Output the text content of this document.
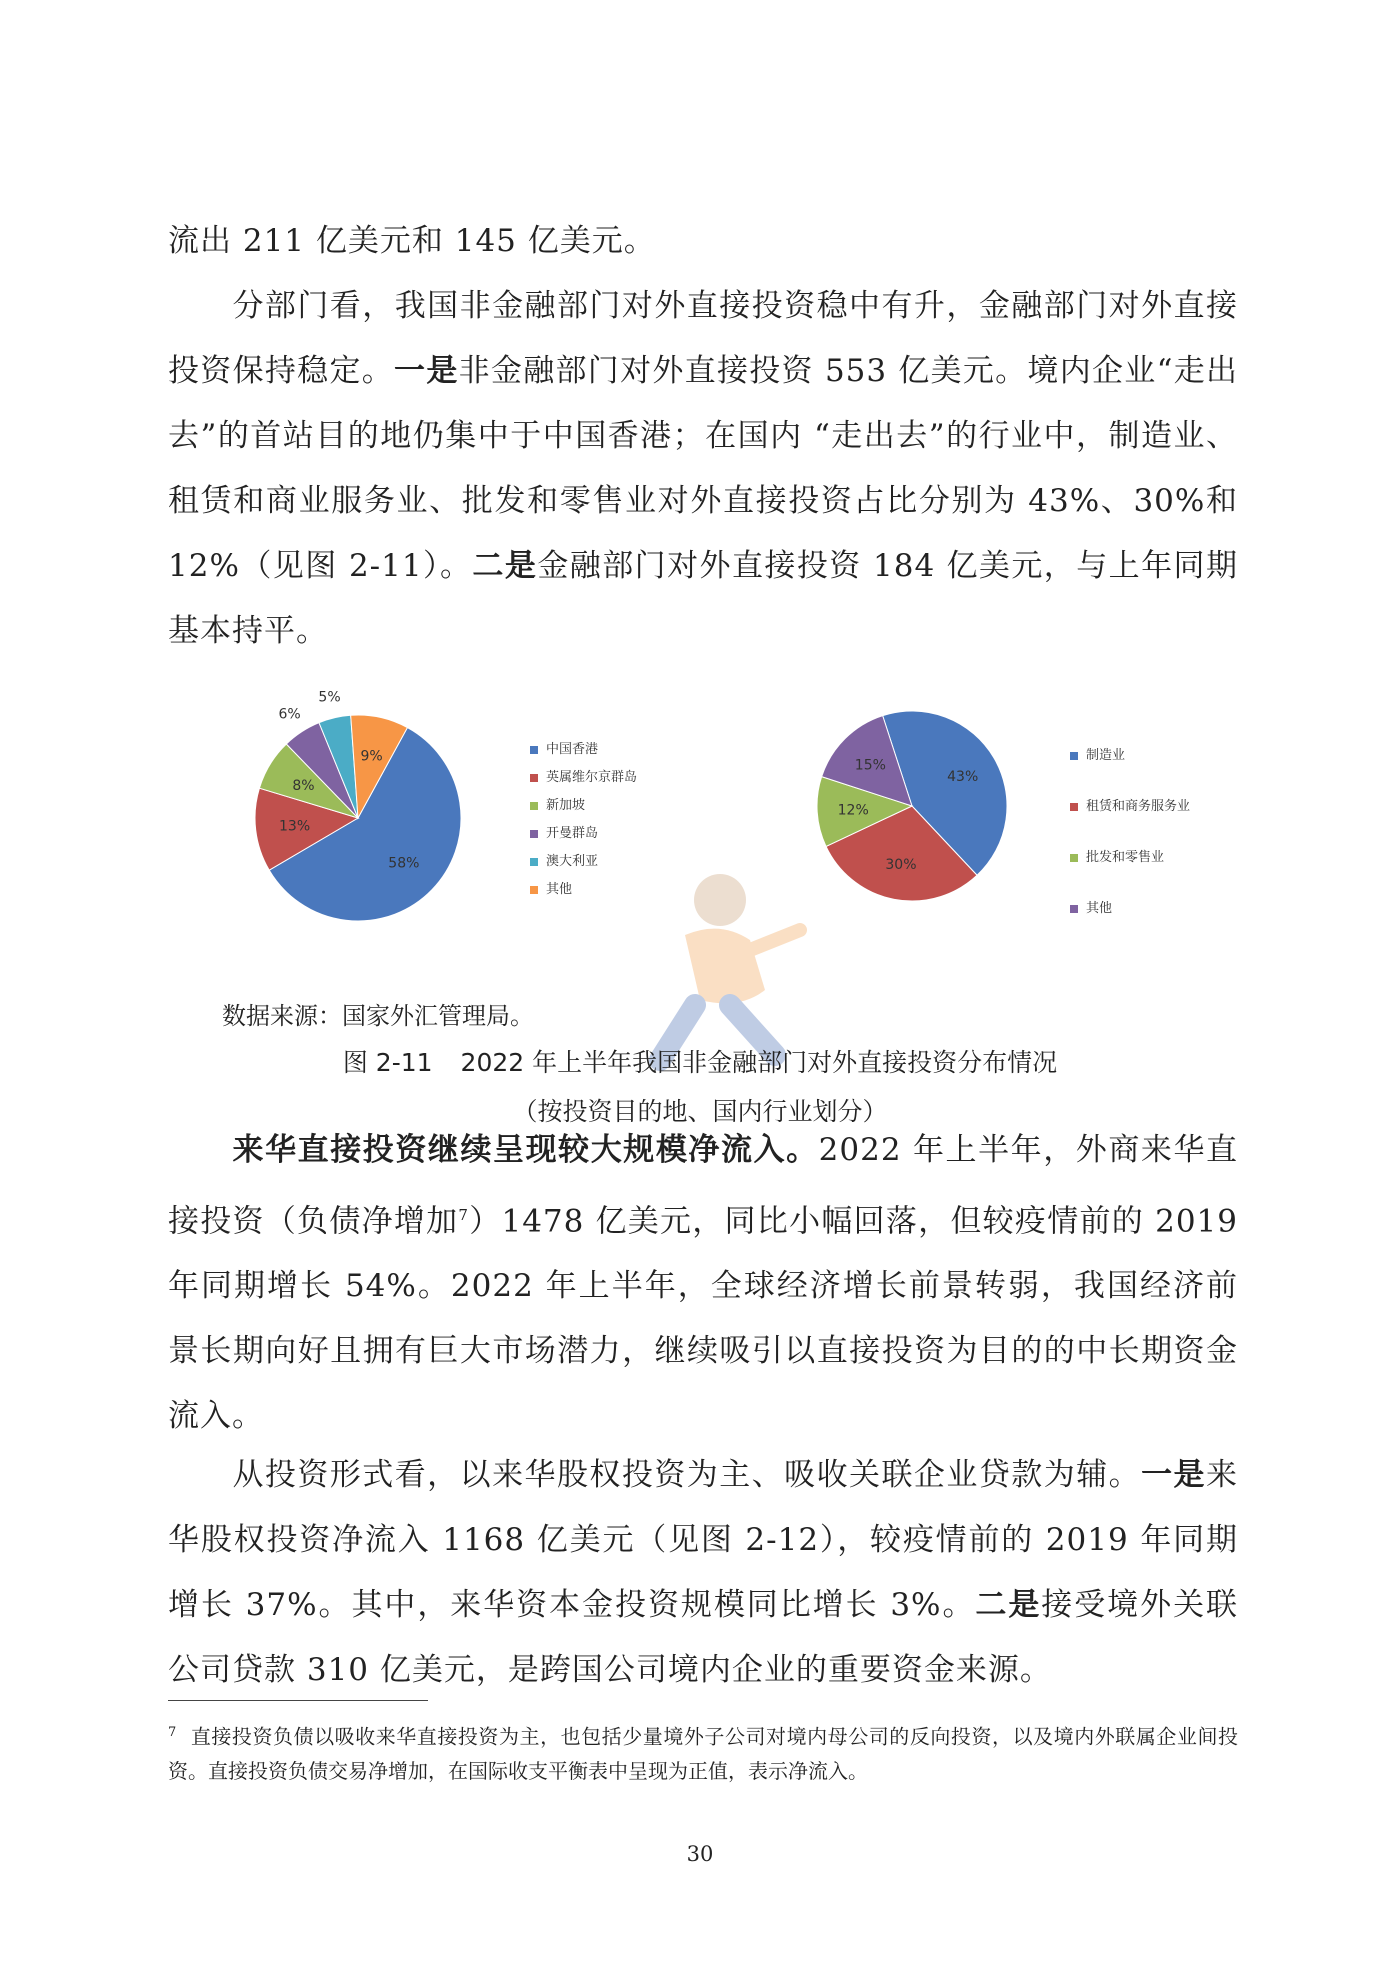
流出 211 亿美元和 145 亿美元。

分部门看，我国非金融部门对外直接投资稳中有升，金融部门对外直接投资保持稳定。一是非金融部门对外直接投资 553 亿美元。境内企业“走出去”的首站目的地仍集中于中国香港；在国内 “走出去”的行业中，制造业、租赁和商业服务业、批发和零售业对外直接投资占比分别为 43%、30%和 12%（见图 2-11）。二是金融部门对外直接投资 184 亿美元，与上年同期基本持平。

58%
13%
8%
6%
5%
9%	中国香港
英属维尔京群岛
新加坡
开曼群岛
澳大利亚
其他
43%
30%
12%
15%
制造业
租赁和商务服务业
批发和零售业
其他
数据来源：国家外汇管理局。
图 2-11 2022 年上半年我国非金融部门对外直接投资分布情况
（按投资目的地、国内行业划分）

来华直接投资继续呈现较大规模净流入。2022 年上半年，外商来华直接投资（负债净增加$^7$）1478 亿美元，同比小幅回落，但较疫情前的 2019 年同期增长 54%。2022 年上半年，全球经济增长前景转弱，我国经济前景长期向好且拥有巨大市场潜力，继续吸引以直接投资为目的的中长期资金流入。

从投资形式看，以来华股权投资为主、吸收关联企业贷款为辅。一是来华股权投资净流入 1168 亿美元（见图 2-12），较疫情前的 2019 年同期增长 37%。其中，来华资本金投资规模同比增长 3%。二是接受境外关联公司贷款 310 亿美元，是跨国公司境内企业的重要资金来源。

$^7$ 直接投资负债以吸收来华直接投资为主，也包括少量境外子公司对境内母公司的反向投资，以及境内外联属企业间投资。直接投资负债交易净增加，在国际收支平衡表中呈现为正值，表示净流入。

30
